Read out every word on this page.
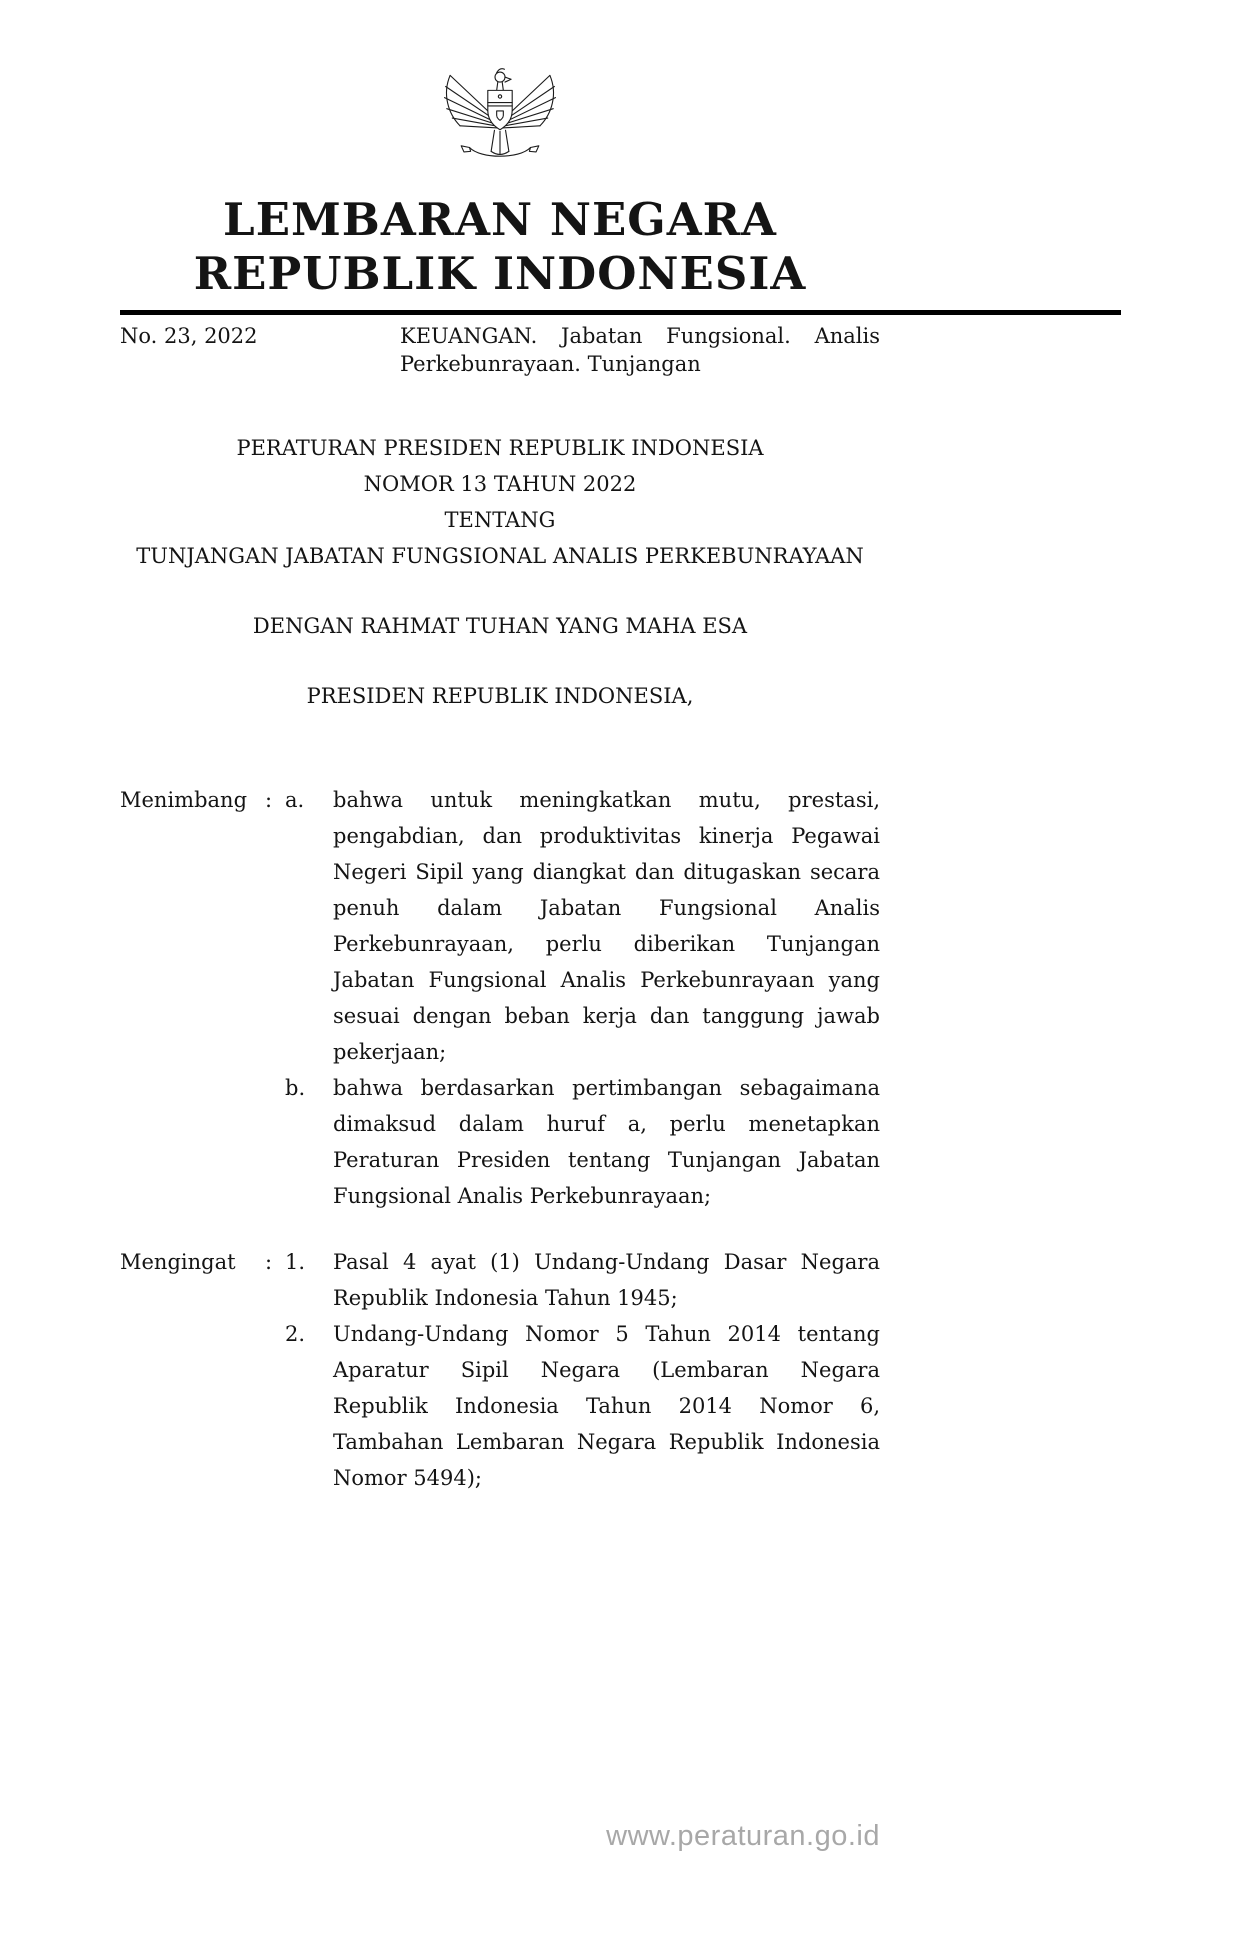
LEMBARAN NEGARA
REPUBLIK INDONESIA
No. 23, 2022	KEUANGAN. Jabatan Fungsional. Analis Perkebunrayaan. Tunjangan
PERATURAN PRESIDEN REPUBLIK INDONESIA
NOMOR 13 TAHUN 2022
TENTANG
TUNJANGAN JABATAN FUNGSIONAL ANALIS PERKEBUNRAYAAN
DENGAN RAHMAT TUHAN YANG MAHA ESA
PRESIDEN REPUBLIK INDONESIA,
Menimbang : a.	bahwa untuk meningkatkan mutu, prestasi, pengabdian, dan produktivitas kinerja Pegawai Negeri Sipil yang diangkat dan ditugaskan secara penuh dalam Jabatan Fungsional Analis Perkebunrayaan, perlu diberikan Tunjangan Jabatan Fungsional Analis Perkebunrayaan yang sesuai dengan beban kerja dan tanggung jawab pekerjaan;
b.	bahwa berdasarkan pertimbangan sebagaimana dimaksud dalam huruf a, perlu menetapkan Peraturan Presiden tentang Tunjangan Jabatan Fungsional Analis Perkebunrayaan;
Mengingat	: 1.	Pasal 4 ayat (1) Undang-Undang Dasar Negara Republik Indonesia Tahun 1945;
2.	Undang-Undang Nomor 5 Tahun 2014 tentang Aparatur Sipil Negara (Lembaran Negara Republik Indonesia Tahun 2014 Nomor 6, Tambahan Lembaran Negara Republik Indonesia Nomor 5494);
www.peraturan.go.id
